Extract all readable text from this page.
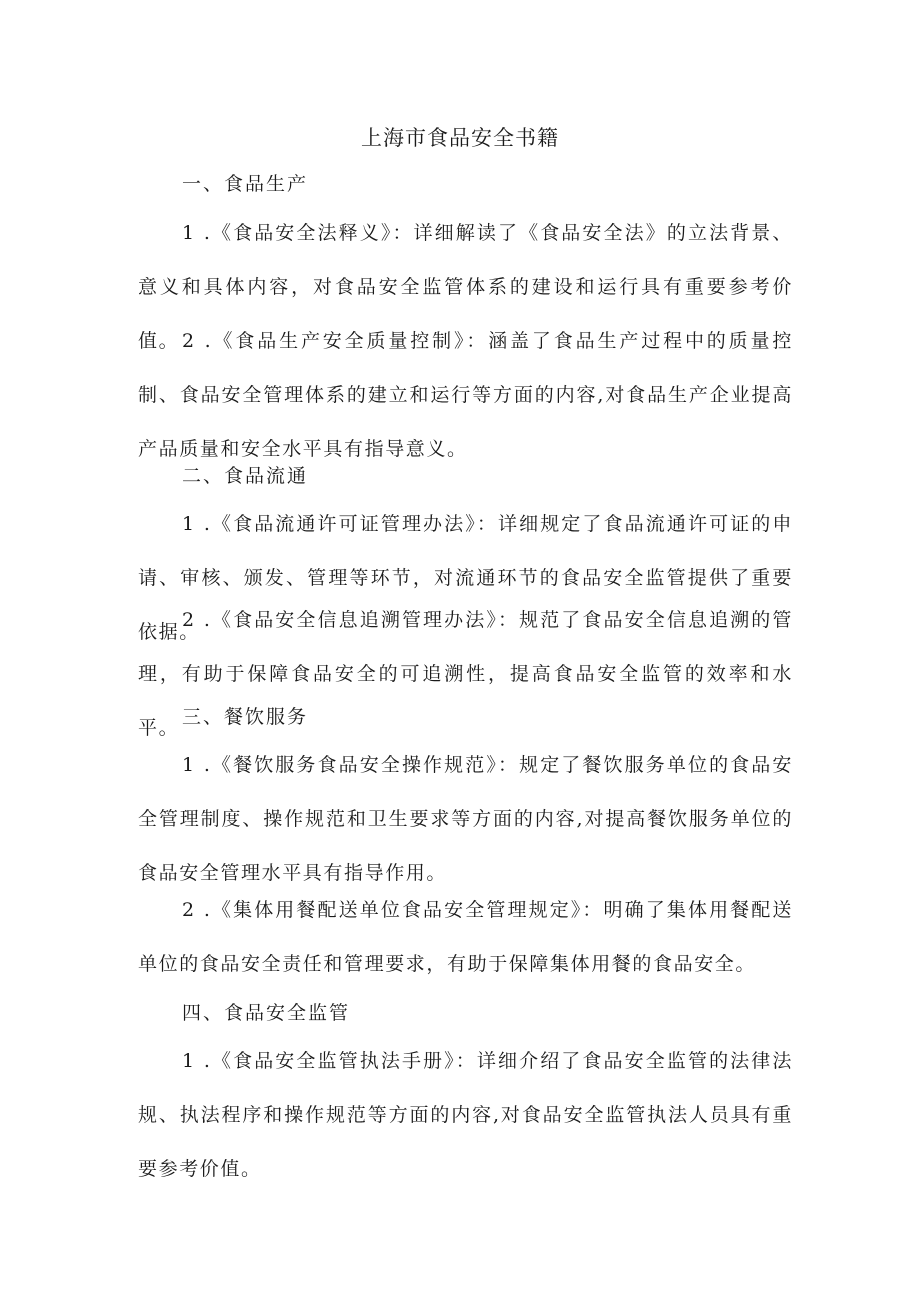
上海市食品安全书籍
一、食品生产

1 .《食品安全法释义》：详细解读了《食品安全法》的立法背景、意义和具体内容，对食品安全监管体系的建设和运行具有重要参考价值。 2 .《食品生产安全质量控制》：涵盖了食品生产过程中的质量控制、食品安全管理体系的建立和运行等方面的内容,对食品生产企业提高产品质量和安全水平具有指导意义。

二、食品流通

1 .《食品流通许可证管理办法》：详细规定了食品流通许可证的申请、审核、颁发、管理等环节，对流通环节的食品安全监管提供了重要依据。

2 .《食品安全信息追溯管理办法》：规范了食品安全信息追溯的管理，有助于保障食品安全的可追溯性，提高食品安全监管的效率和水平。 三、餐饮服务

1 .《餐饮服务食品安全操作规范》：规定了餐饮服务单位的食品安全管理制度、操作规范和卫生要求等方面的内容,对提高餐饮服务单位的食品安全管理水平具有指导作用。

2 .《集体用餐配送单位食品安全管理规定》：明确了集体用餐配送单位的食品安全责任和管理要求，有助于保障集体用餐的食品安全。

四、食品安全监管

1 .《食品安全监管执法手册》：详细介绍了食品安全监管的法律法规、执法程序和操作规范等方面的内容,对食品安全监管执法人员具有重要参考价值。
